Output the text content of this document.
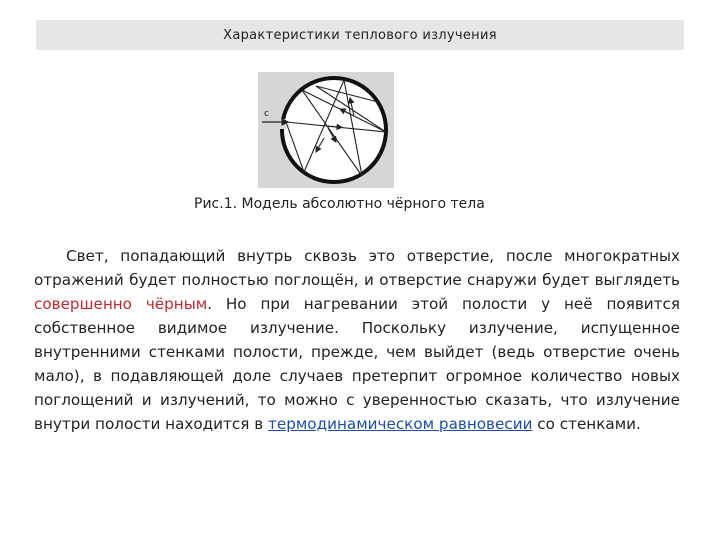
Характеристики теплового излучения
c
Рис.1. Модель абсолютно чёрного тела

Свет, попадающий внутрь сквозь это отверстие, после многократных отражений будет полностью поглощён, и отверстие снаружи будет выглядеть совершенно чёрным. Но при нагревании этой полости у неё появится собственное видимое излучение. Поскольку излучение, испущенное внутренними стенками полости, прежде, чем выйдет (ведь отверстие очень мало), в подавляющей доле случаев претерпит огромное количество новых поглощений и излучений, то можно с уверенностью сказать, что излучение внутри полости находится в термодинамическом равновесии со стенками.
